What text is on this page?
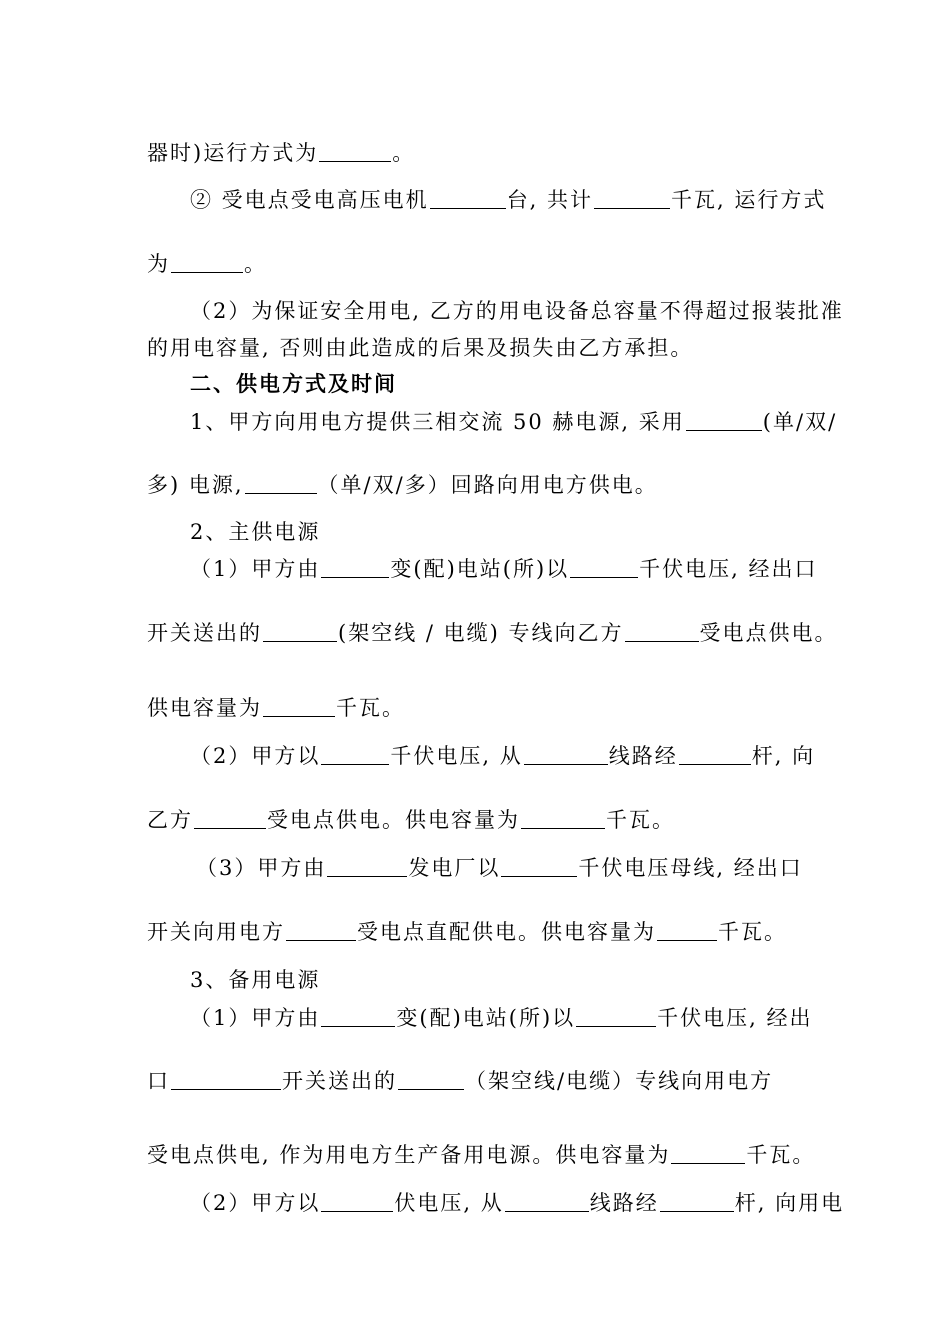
器时)运行方式为	。
② 受电点受电高压电机	台, 共计	千瓦, 运行方式
为	。
（2）为保证安全用电, 乙方的用电设备总容量不得超过报装批准
的用电容量, 否则由此造成的后果及损失由乙方承担。
二、供电方式及时间
1、甲方向用电方提供三相交流 50 赫电源, 采用	(单/双/
多) 电源,	（单/双/多）回路向用电方供电。
2、主供电源
（1）甲方由	变(配)电站(所)以	千伏电压, 经出口
开关送出的	(架空线 / 电缆) 专线向乙方	受电点供电。
供电容量为	千瓦。
（2）甲方以	千伏电压, 从	线路经	杆, 向
乙方	受电点供电。供电容量为	千瓦。
（3）甲方由	发电厂以	千伏电压母线, 经出口
开关向用电方	受电点直配供电。供电容量为	千瓦。
3、备用电源
（1）甲方由	变(配)电站(所)以	千伏电压, 经出
口	开关送出的	（架空线/电缆）专线向用电方
受电点供电, 作为用电方生产备用电源。供电容量为	千瓦。
（2）甲方以	伏电压, 从	线路经	杆, 向用电
